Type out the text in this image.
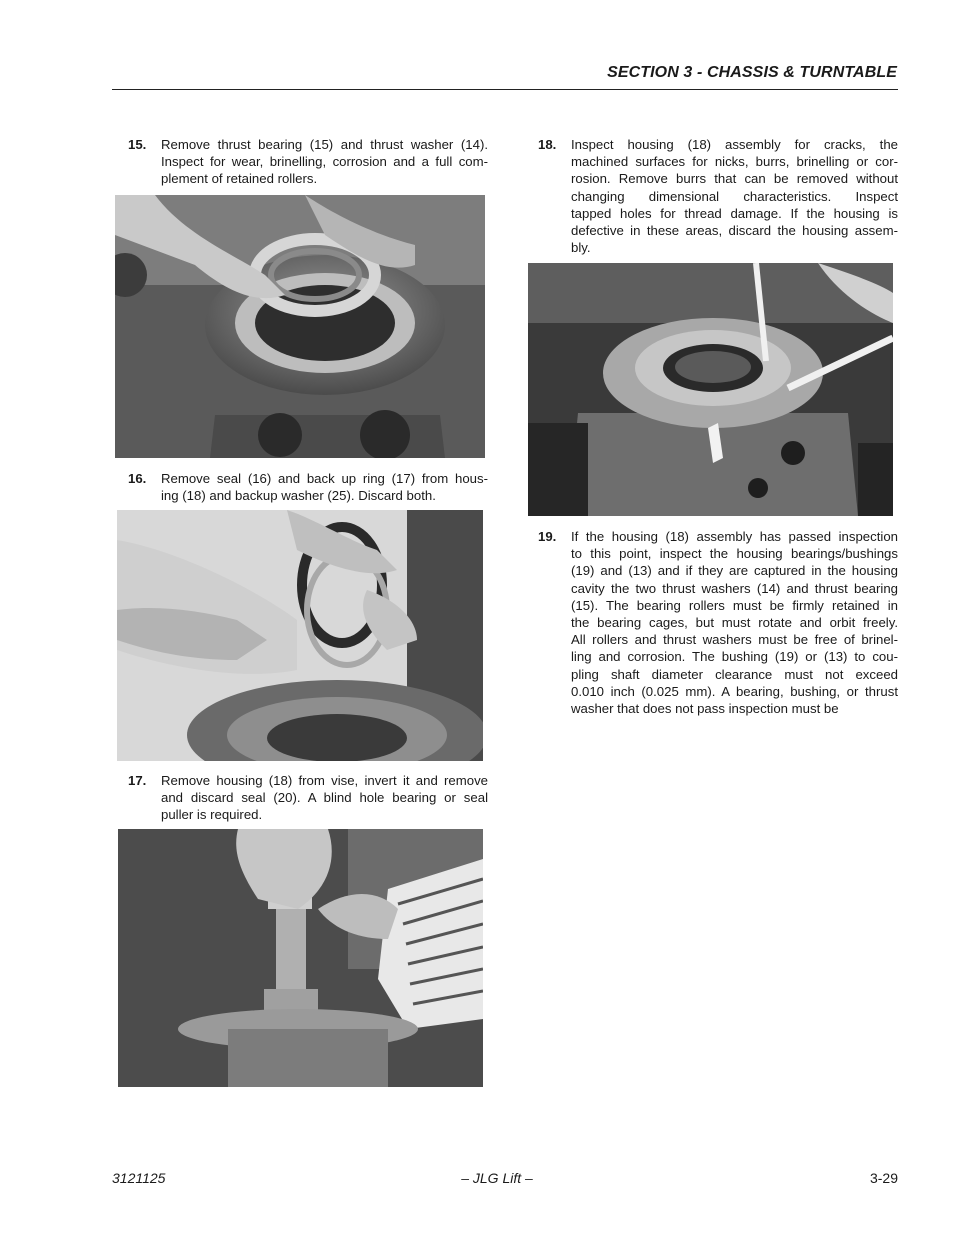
SECTION 3 - CHASSIS & TURNTABLE
15. Remove thrust bearing (15) and thrust washer (14).
Inspect for wear, brinelling, corrosion and a full com-
plement of retained rollers.
16. Remove seal (16) and back up ring (17) from hous-
ing (18) and backup washer (25). Discard both.
17. Remove housing (18) from vise, invert it and remove
and discard seal (20). A blind hole bearing or seal
puller is required.
18. Inspect housing (18) assembly for cracks, the
machined surfaces for nicks, burrs, brinelling or cor-
rosion. Remove burrs that can be removed without
changing dimensional characteristics. Inspect
tapped holes for thread damage. If the housing is
defective in these areas, discard the housing assem-
bly.
19. If the housing (18) assembly has passed inspection
to this point, inspect the housing bearings/bushings
(19) and (13) and if they are captured in the housing
cavity the two thrust washers (14) and thrust bearing
(15). The bearing rollers must be firmly retained in
the bearing cages, but must rotate and orbit freely.
All rollers and thrust washers must be free of brinel-
ling and corrosion. The bushing (19) or (13) to cou-
pling shaft diameter clearance must not exceed
0.010 inch (0.025 mm). A bearing, bushing, or thrust
washer that does not pass inspection must be
3121125	– JLG Lift –	3-29
